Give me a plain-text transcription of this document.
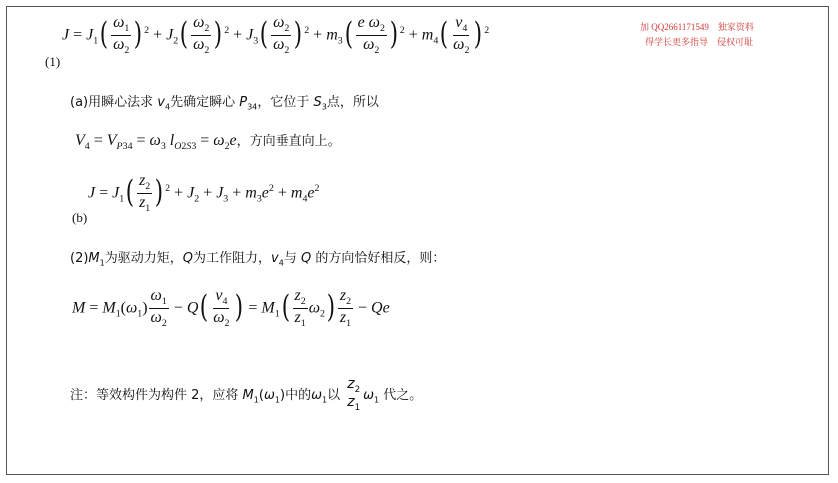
加 QQ2661171549　独家资料
得学长更多指导　侵权可耻
(1)
$J = J_1( \frac{\omega_1}{\omega_2}$ ) $^2 + J_2( \frac{\omega_2}{\omega_2}$ ) $^2 + J_3( \frac{\omega_2}{\omega_2}$ ) $^2 + m_3( \frac{e \omega_2}{\omega_2}$ ) $^2 + m_4( \frac{v_4}{\omega_2}$ ) $^2$
(a)用瞬心法求 $v_4$先确定瞬心 $P_{34}$，它位于 $S_3$点，所以
$V_4 = V_{P34} = \omega_3$ $l_{O2S3} = \omega_2e$，方向垂直向上。
(b)
$J = J_1( \frac{z_2}{z_1}$ ) $^2 + J_2 + J_3 + m_3e^2 + m_4e^2$
$(2)M_1$为驱动力矩，Q为工作阻力，$v_4$与 Q 的方向恰好相反，则：
$M = M_1(\omega_1) \frac{\omega_1}{\omega_2} - Q( \frac{v_4}{\omega_2}$ ) = $M_1( \frac{z_2}{z_1} \omega_2) \frac{z_2}{z_1} - Qe$
注：等效构件为构件 2，应将 $M_1(\omega_1)$中的$\omega_1$以
$z_2$
$z_1$
$\omega_1$ 代之。
